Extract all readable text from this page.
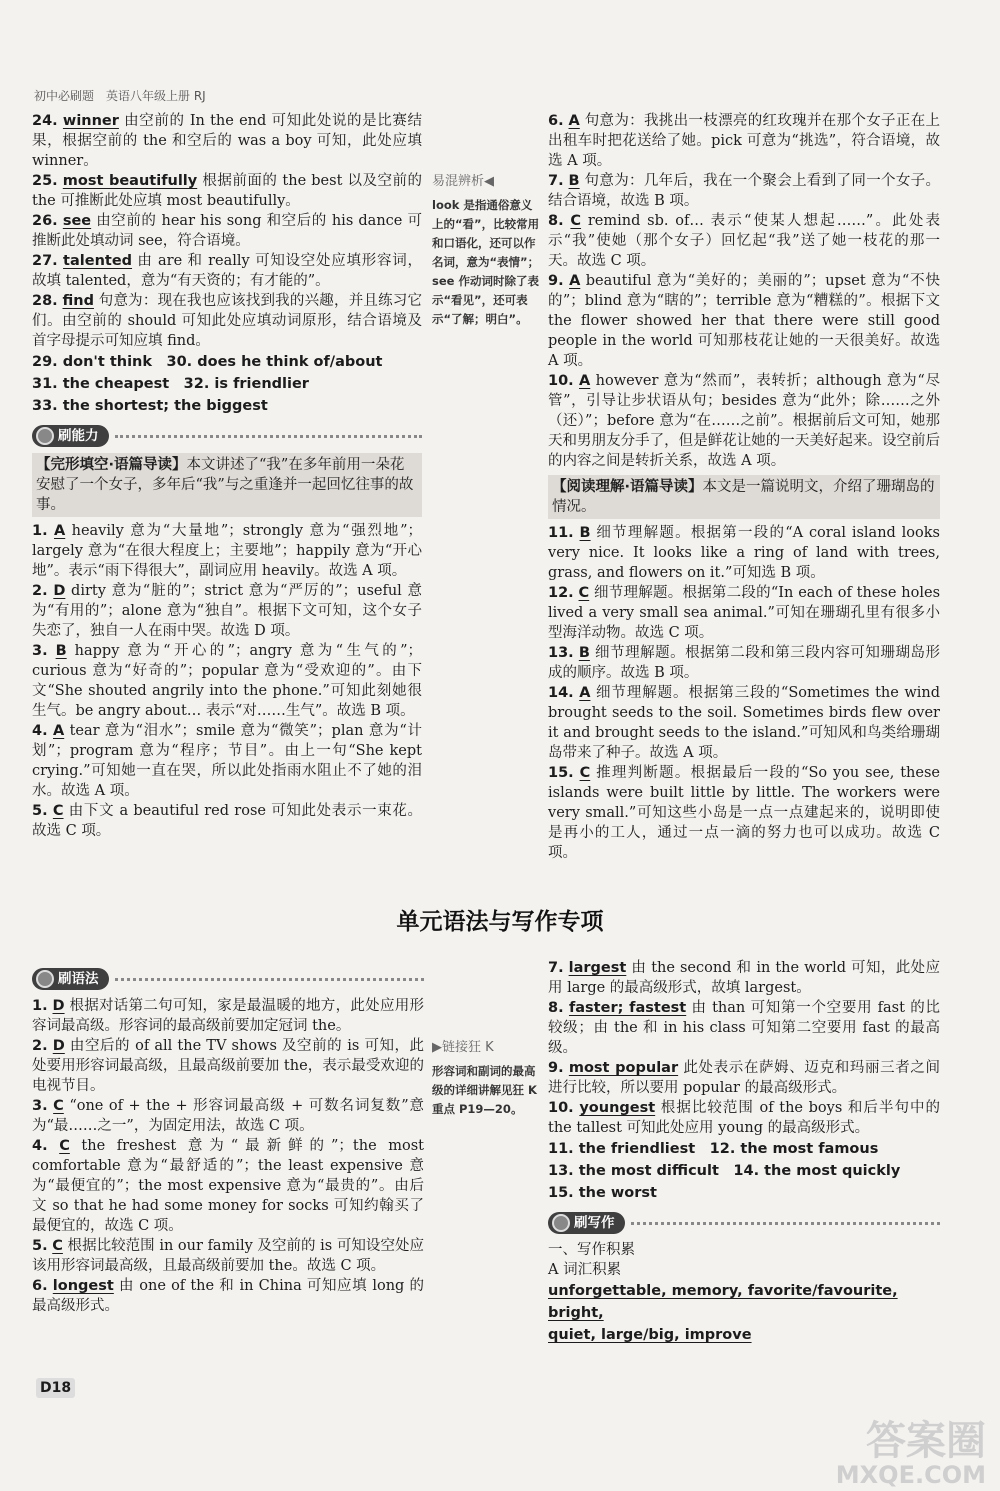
初中必刷题　英语八年级上册 RJ

24. winner 由空前的 In the end 可知此处说的是比赛结果，根据空前的 the 和空后的 was a boy 可知，此处应填 winner。

25. most beautifully 根据前面的 the best 以及空前的 the 可推断此处应填 most beautifully。

26. see 由空前的 hear his song 和空后的 his dance 可推断此处填动词 see，符合语境。

27. talented 由 are 和 really 可知设空处应填形容词，故填 talented，意为“有天资的；有才能的”。

28. find 句意为：现在我也应该找到我的兴趣，并且练习它们。由空前的 should 可知此处应填动词原形，结合语境及首字母提示可知应填 find。

29. don't think　30. does he think of/about
31. the cheapest　32. is friendlier
33. the shortest; the biggest
刷能力
【完形填空·语篇导读】本文讲述了“我”在多年前用一朵花安慰了一个女子，多年后“我”与之重逢并一起回忆往事的故事。

1. A heavily 意为“大量地”；strongly 意为“强烈地”；largely 意为“在很大程度上；主要地”；happily 意为“开心地”。表示“雨下得很大”，副词应用 heavily。故选 A 项。

2. D dirty 意为“脏的”；strict 意为“严厉的”；useful 意为“有用的”；alone 意为“独自”。根据下文可知，这个女子失恋了，独自一人在雨中哭。故选 D 项。

3. B happy 意为“开心的”；angry 意为“生气的”；curious 意为“好奇的”；popular 意为“受欢迎的”。由下文“She shouted angrily into the phone.”可知此刻她很生气。be angry about… 表示“对……生气”。故选 B 项。

4. A tear 意为“泪水”；smile 意为“微笑”；plan 意为“计划”；program 意为“程序；节目”。由上一句“She kept crying.”可知她一直在哭，所以此处指雨水阻止不了她的泪水。故选 A 项。

5. C 由下文 a beautiful red rose 可知此处表示一束花。故选 C 项。

易混辨析◀
look 是指通俗意义上的“看”，比较常用和口语化，还可以作名词，意为“表情”；see 作动词时除了表示“看见”，还可表示“了解；明白”。

6. A 句意为：我挑出一枝漂亮的红玫瑰并在那个女子正在上出租车时把花送给了她。pick 可意为“挑选”，符合语境，故选 A 项。

7. B 句意为：几年后，我在一个聚会上看到了同一个女子。结合语境，故选 B 项。

8. C remind sb. of… 表示“使某人想起……”。此处表示“我”使她（那个女子）回忆起“我”送了她一枝花的那一天。故选 C 项。

9. A beautiful 意为“美好的；美丽的”；upset 意为“不快的”；blind 意为“瞎的”；terrible 意为“糟糕的”。根据下文 the flower showed her that there were still good people in the world 可知那枝花让她的一天很美好。故选 A 项。

10. A however 意为“然而”，表转折；although 意为“尽管”，引导让步状语从句；besides 意为“此外；除……之外（还）”；before 意为“在……之前”。根据前后文可知，她那天和男朋友分手了，但是鲜花让她的一天美好起来。设空前后的内容之间是转折关系，故选 A 项。

【阅读理解·语篇导读】本文是一篇说明文，介绍了珊瑚岛的情况。

11. B 细节理解题。根据第一段的“A coral island looks very nice. It looks like a ring of land with trees, grass, and flowers on it.”可知选 B 项。

12. C 细节理解题。根据第二段的“In each of these holes lived a very small sea animal.”可知在珊瑚孔里有很多小型海洋动物。故选 C 项。

13. B 细节理解题。根据第二段和第三段内容可知珊瑚岛形成的顺序。故选 B 项。

14. A 细节理解题。根据第三段的“Sometimes the wind brought seeds to the soil. Sometimes birds flew over it and brought seeds to the island.”可知风和鸟类给珊瑚岛带来了种子。故选 A 项。

15. C 推理判断题。根据最后一段的“So you see, these islands were built little by little. The workers were very small.”可知这些小岛是一点一点建起来的，说明即使是再小的工人，通过一点一滴的努力也可以成功。故选 C 项。

单元语法与写作专项
刷语法

1. D 根据对话第二句可知，家是最温暖的地方，此处应用形容词最高级。形容词的最高级前要加定冠词 the。

2. D 由空后的 of all the TV shows 及空前的 is 可知，此处要用形容词最高级，且最高级前要加 the，表示最受欢迎的电视节目。

3. C “one of + the + 形容词最高级 + 可数名词复数”意为“最……之一”，为固定用法，故选 C 项。

4. C the freshest 意为“最新鲜的”；the most comfortable 意为“最舒适的”；the least expensive 意为“最便宜的”；the most expensive 意为“最贵的”。由后文 so that he had some money for socks 可知约翰买了最便宜的，故选 C 项。

5. C 根据比较范围 in our family 及空前的 is 可知设空处应该用形容词最高级，且最高级前要加 the。故选 C 项。

6. longest 由 one of the 和 in China 可知应填 long 的最高级形式。

▶链接狂 K
形容词和副词的最高级的详细讲解见狂 K 重点 P19—20。

7. largest 由 the second 和 in the world 可知，此处应用 large 的最高级形式，故填 largest。

8. faster; fastest 由 than 可知第一个空要用 fast 的比较级；由 the 和 in his class 可知第二空要用 fast 的最高级。

9. most popular 此处表示在萨姆、迈克和玛丽三者之间进行比较，所以要用 popular 的最高级形式。

10. youngest 根据比较范围 of the boys 和后半句中的 the tallest 可知此处应用 young 的最高级形式。

11. the friendliest　12. the most famous
13. the most difficult　14. the most quickly
15. the worst
刷写作
一、写作积累
A 词汇积累
unforgettable, memory, favorite/favourite, bright,
quiet, large/big, improve
D18
答案圈
MXQE.COM
